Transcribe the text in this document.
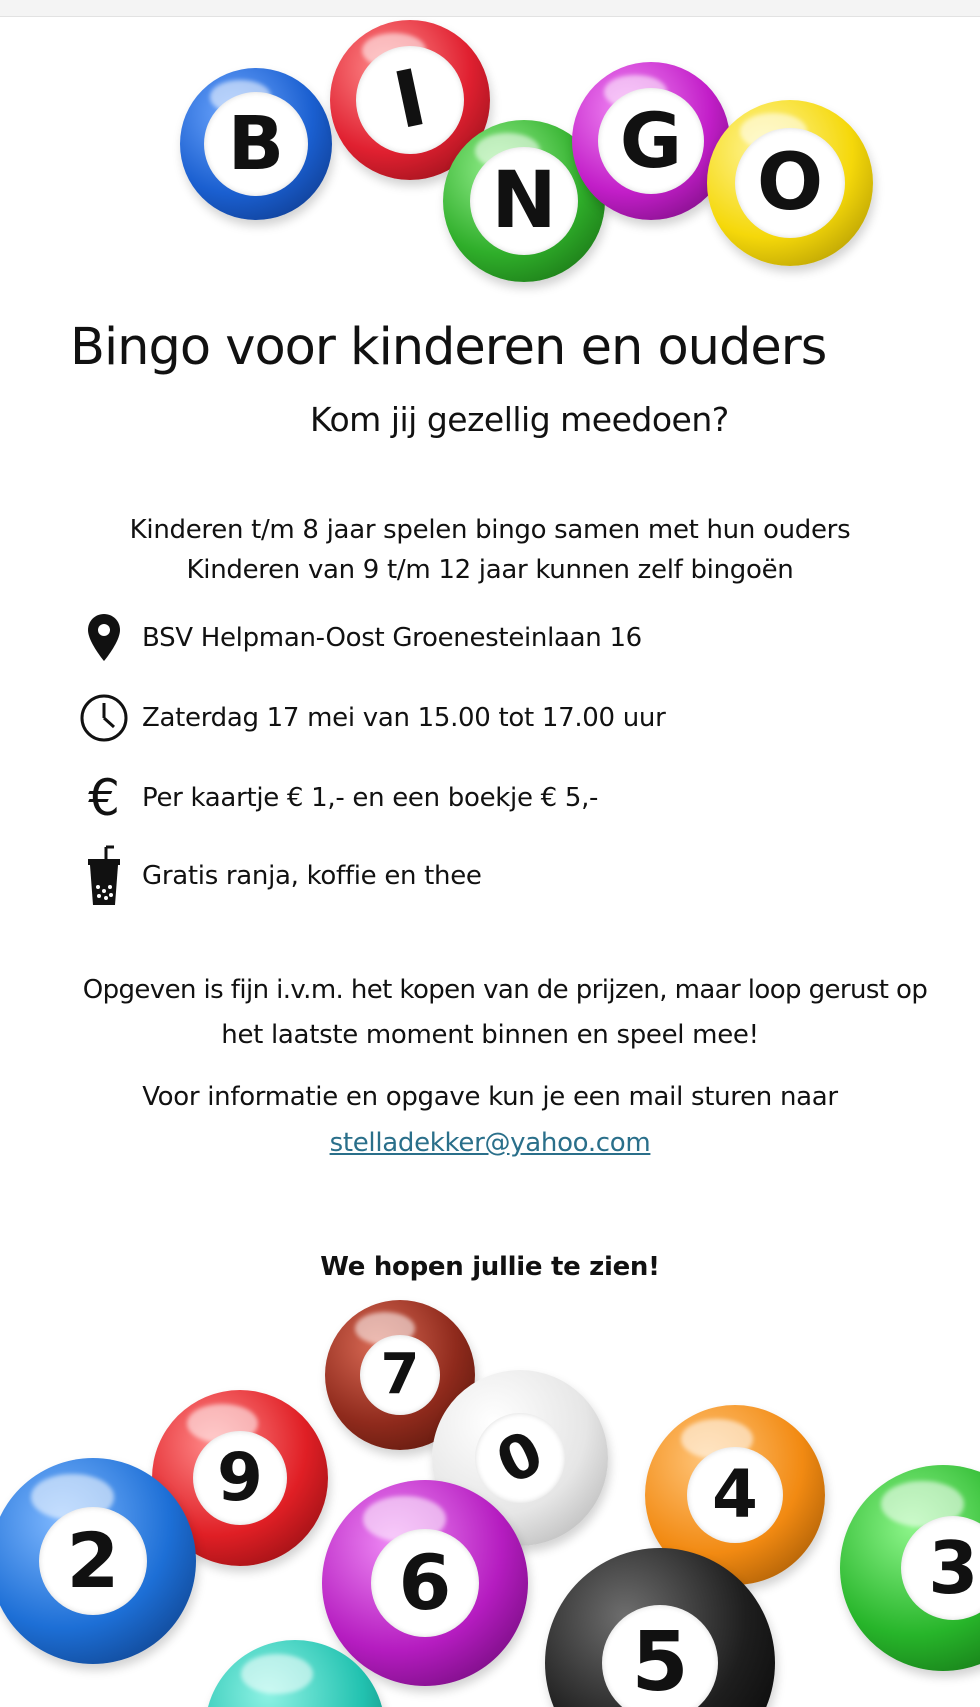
B I
N
G O
Bingo voor kinderen en ouders
Kom jij gezellig meedoen?
Kinderen t/m 8 jaar spelen bingo samen met hun ouders
Kinderen van 9 t/m 12 jaar kunnen zelf bingoën
BSV Helpman-Oost Groenesteinlaan 16
Zaterdag 17 mei van 15.00 tot 17.00 uur
€ Per kaartje € 1,- en een boekje € 5,-
Gratis ranja, koffie en thee
Opgeven is fijn i.v.m. het kopen van de prijzen, maar loop gerust op
het laatste moment binnen en speel mee!
Voor informatie en opgave kun je een mail sturen naar
stelladekker@yahoo.com
We hopen jullie te zien!
7
0
9	4
2	6
5
3
